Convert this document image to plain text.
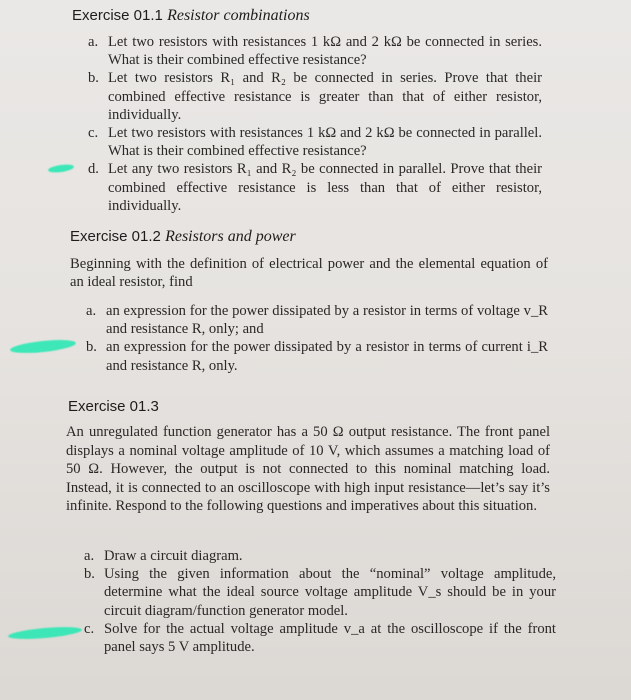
Exercise 01.1 Resistor combinations
a. Let two resistors with resistances 1 kΩ and 2 kΩ be connected in series. What is their combined effective resistance?
b. Let two resistors R₁ and R₂ be connected in series. Prove that their combined effective resistance is greater than that of either resistor, individually.
c. Let two resistors with resistances 1 kΩ and 2 kΩ be connected in parallel. What is their combined effective resistance?
d. Let any two resistors R₁ and R₂ be connected in parallel. Prove that their combined effective resistance is less than that of either resistor, individually.
Exercise 01.2 Resistors and power
Beginning with the definition of electrical power and the elemental equation of an ideal resistor, find
a. an expression for the power dissipated by a resistor in terms of voltage v_R and resistance R, only; and
b. an expression for the power dissipated by a resistor in terms of current i_R and resistance R, only.
Exercise 01.3
An unregulated function generator has a 50 Ω output resistance. The front panel displays a nominal voltage amplitude of 10 V, which assumes a matching load of 50 Ω. However, the output is not connected to this nominal matching load. Instead, it is connected to an oscilloscope with high input resistance—let’s say it’s infinite. Respond to the following questions and imperatives about this situation.
a. Draw a circuit diagram.
b. Using the given information about the “nominal” voltage amplitude, determine what the ideal source voltage amplitude V_s should be in your circuit diagram/function generator model.
c. Solve for the actual voltage amplitude v_a at the oscilloscope if the front panel says 5 V amplitude.
